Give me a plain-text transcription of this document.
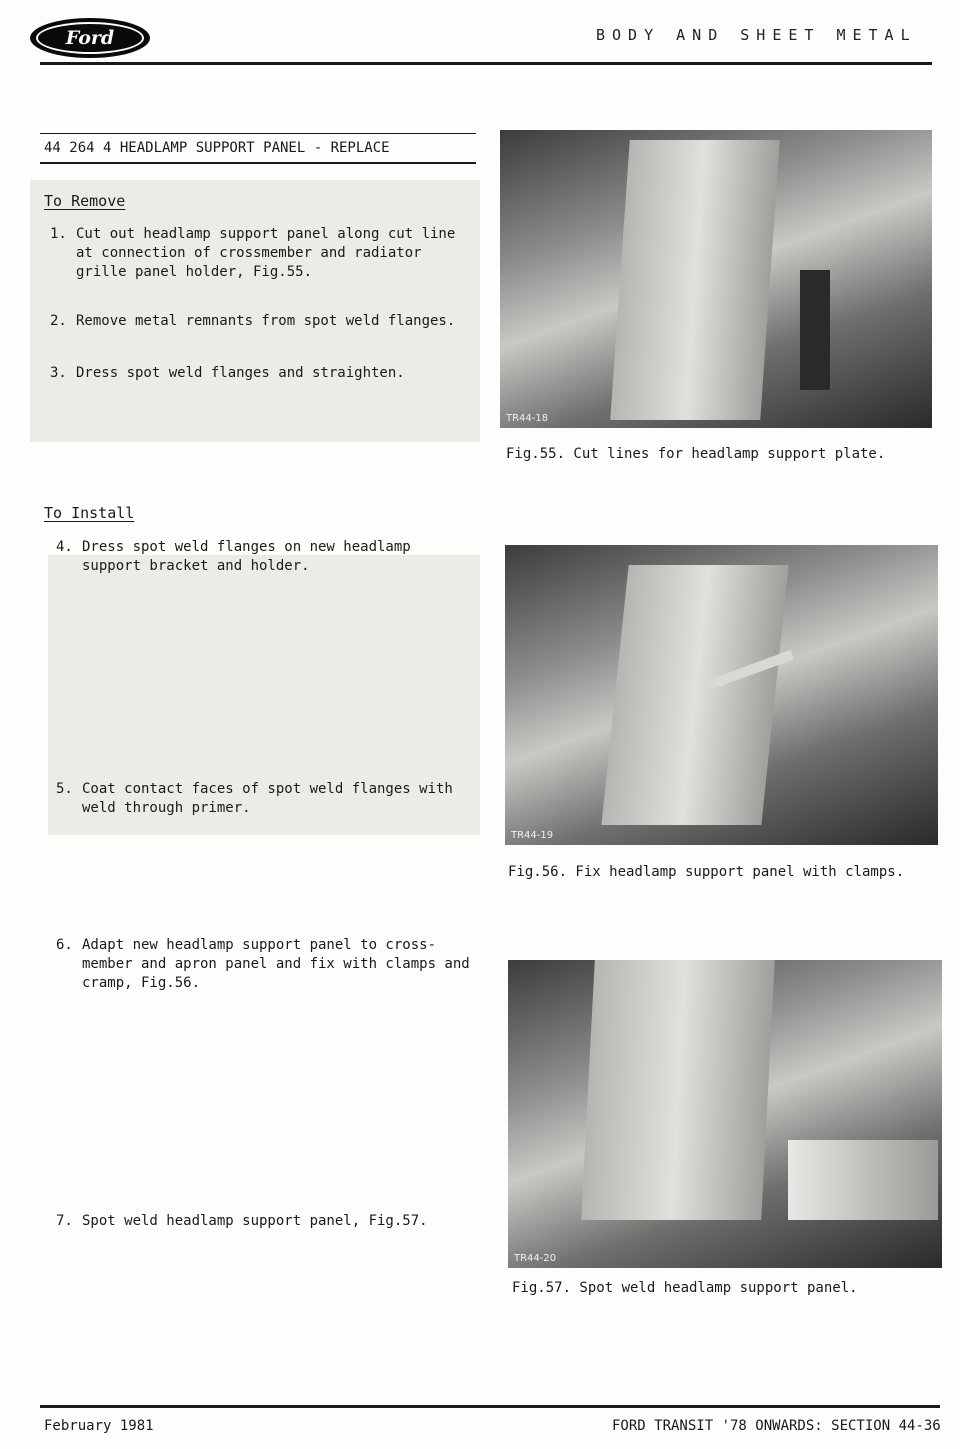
Ford	BODY AND SHEET METAL
44 264 4 HEADLAMP SUPPORT PANEL - REPLACE
To Remove
1. Cut out headlamp support panel along cut line at connection of crossmember and radiator grille panel holder, Fig.55.
2. Remove metal remnants from spot weld flanges.
3. Dress spot weld flanges and straighten.
To Install
4. Dress spot weld flanges on new headlamp support bracket and holder.
5. Coat contact faces of spot weld flanges with weld through primer.
6. Adapt new headlamp support panel to cross-member and apron panel and fix with clamps and cramp, Fig.56.
7. Spot weld headlamp support panel, Fig.57.
TR44-18
Fig.55. Cut lines for headlamp support plate.
TR44-19
Fig.56. Fix headlamp support panel with clamps.
TR44-20
Fig.57. Spot weld headlamp support panel.
February 1981	FORD TRANSIT '78 ONWARDS: SECTION 44-36
